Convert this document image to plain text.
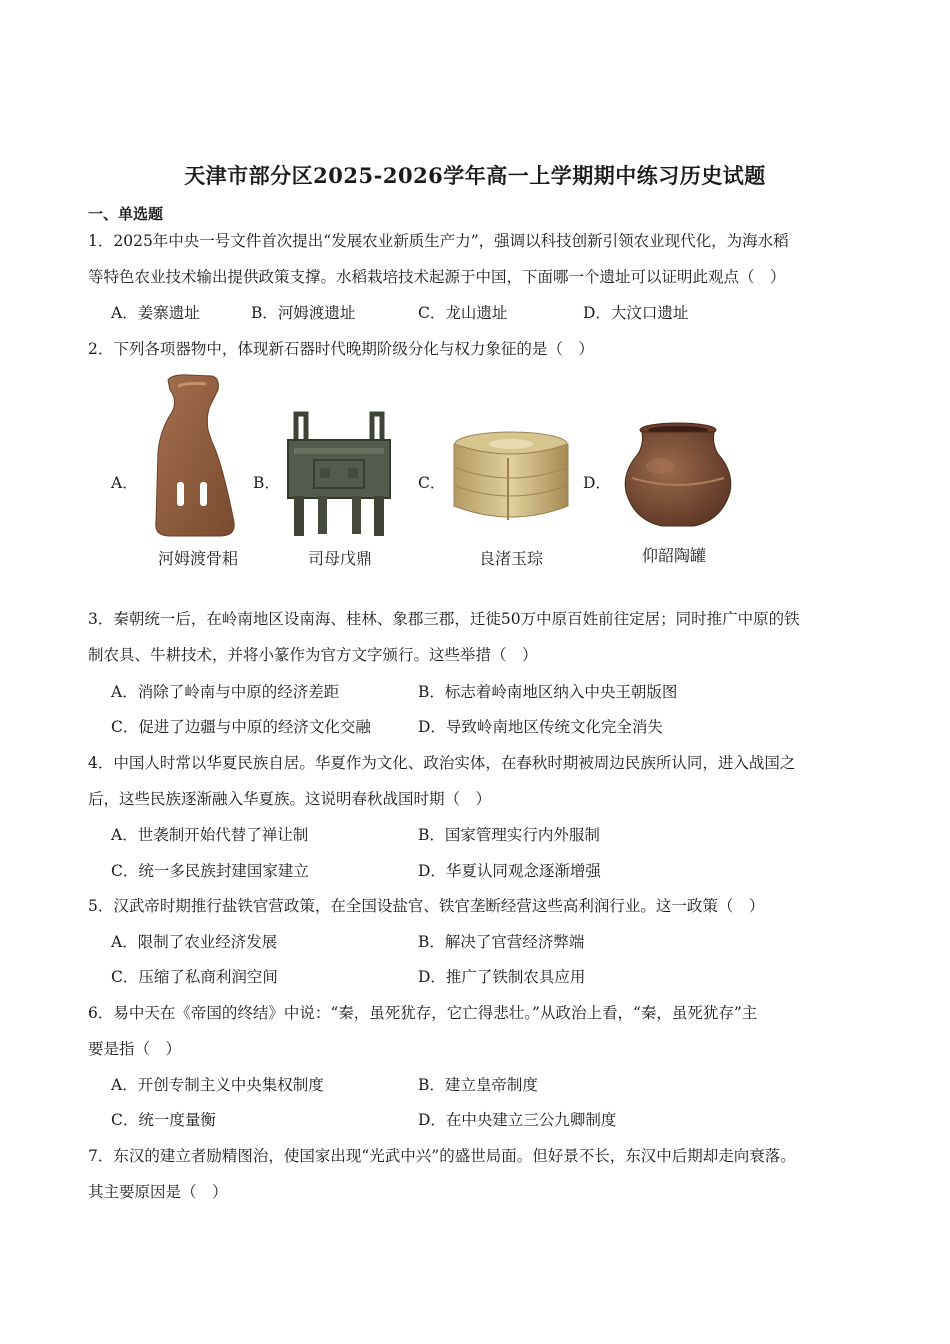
天津市部分区2025-2026学年高一上学期期中练习历史试题
一、单选题
1．2025年中央一号文件首次提出“发展农业新质生产力”，强调以科技创新引领农业现代化，为海水稻
等特色农业技术输出提供政策支撑。水稻栽培技术起源于中国，下面哪一个遗址可以证明此观点（　）
A．姜寨遗址	B．河姆渡遗址	C．龙山遗址	D．大汶口遗址
2．下列各项器物中，体现新石器时代晚期阶级分化与权力象征的是（　）
A．	B．	C．	D．
河姆渡骨耜	司母戊鼎	良渚玉琮	仰韶陶罐
3．秦朝统一后，在岭南地区设南海、桂林、象郡三郡，迁徙50万中原百姓前往定居；同时推广中原的铁
制农具、牛耕技术，并将小篆作为官方文字颁行。这些举措（　）
A．消除了岭南与中原的经济差距	B．标志着岭南地区纳入中央王朝版图
C．促进了边疆与中原的经济文化交融	D．导致岭南地区传统文化完全消失
4．中国人时常以华夏民族自居。华夏作为文化、政治实体，在春秋时期被周边民族所认同，进入战国之
后，这些民族逐渐融入华夏族。这说明春秋战国时期（　）
A．世袭制开始代替了禅让制	B．国家管理实行内外服制
C．统一多民族封建国家建立	D．华夏认同观念逐渐增强
5．汉武帝时期推行盐铁官营政策，在全国设盐官、铁官垄断经营这些高利润行业。这一政策（　）
A．限制了农业经济发展	B．解决了官营经济弊端
C．压缩了私商利润空间	D．推广了铁制农具应用
6．易中天在《帝国的终结》中说：“秦，虽死犹存，它亡得悲壮。”从政治上看，“秦，虽死犹存”主
要是指（　）
A．开创专制主义中央集权制度	B．建立皇帝制度
C．统一度量衡	D．在中央建立三公九卿制度
7．东汉的建立者励精图治，使国家出现“光武中兴”的盛世局面。但好景不长，东汉中后期却走向衰落。
其主要原因是（　）
